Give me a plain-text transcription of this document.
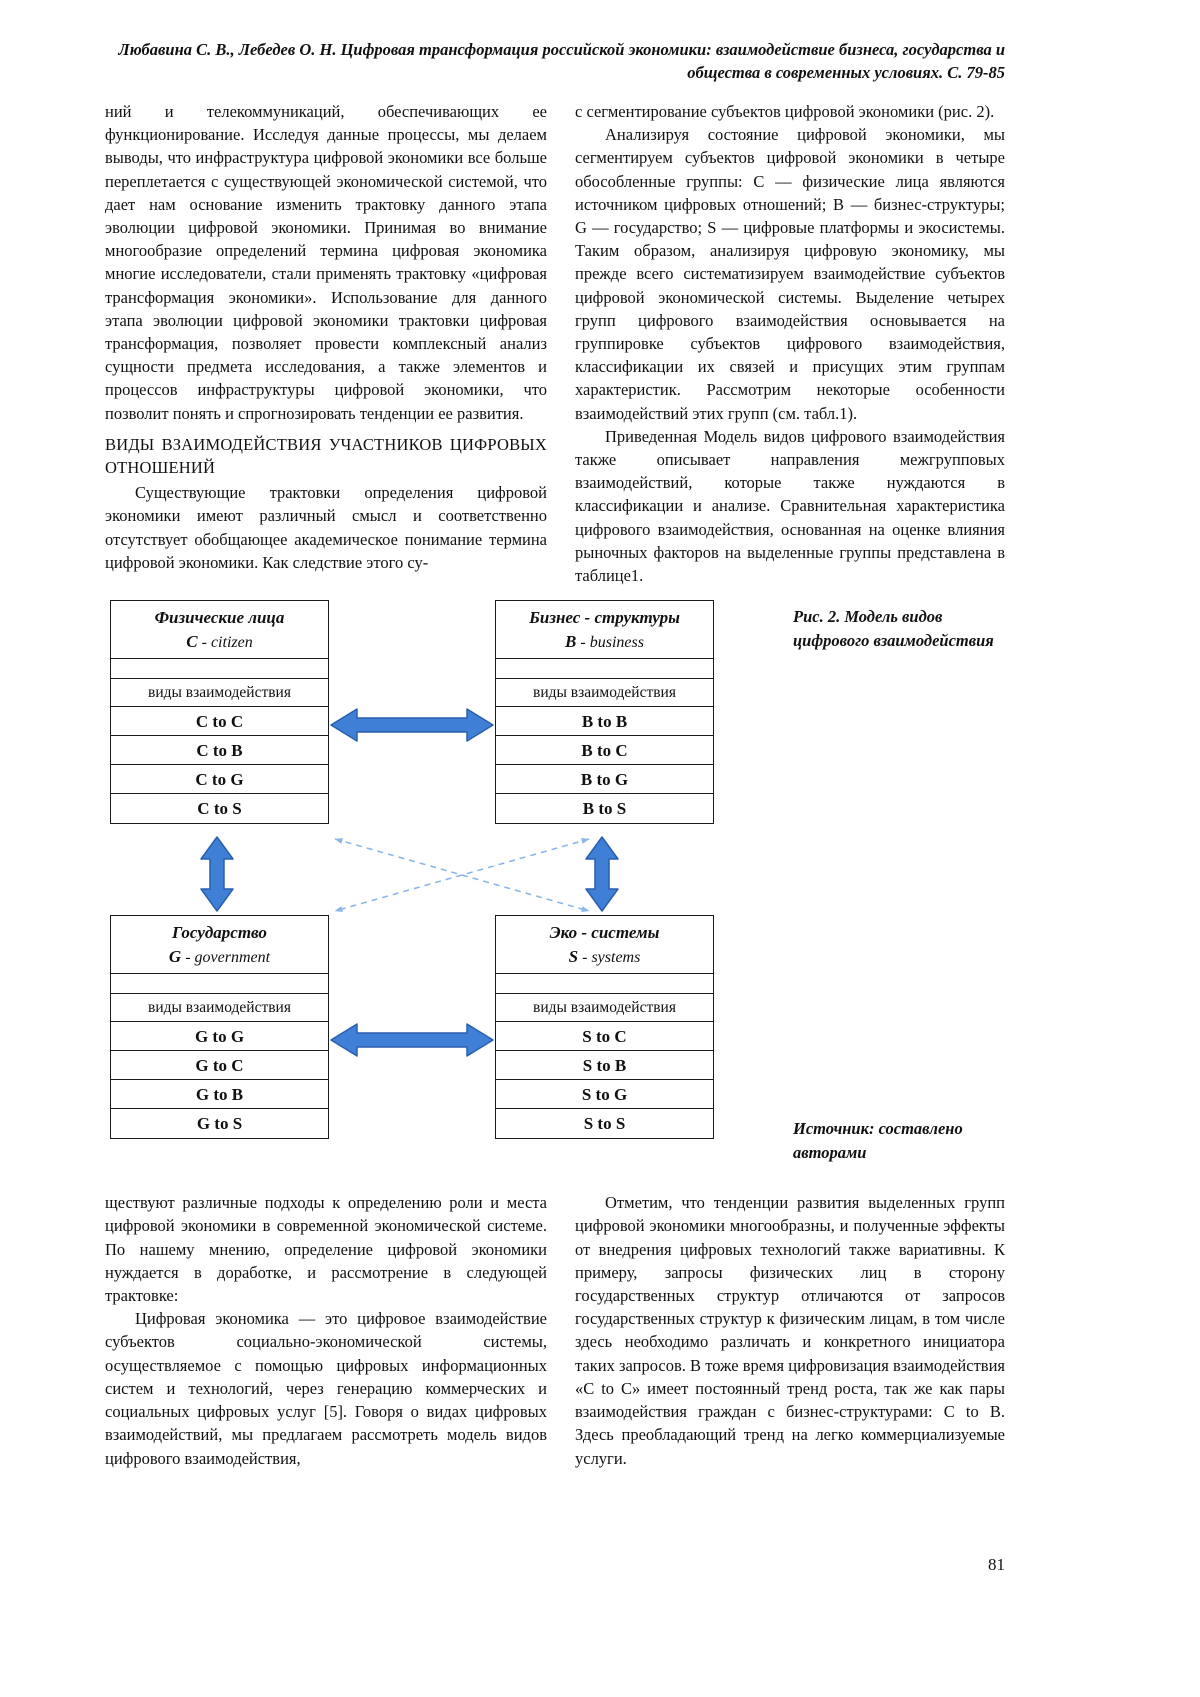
Любавина С. В., Лебедев О. Н. Цифровая трансформация российской экономики: взаимодействие бизнеса, государства и
общества в современных условиях. С. 79-85

ний и телекоммуникаций, обеспечивающих ее функционирование. Исследуя данные процессы, мы делаем выводы, что инфраструктура цифровой экономики все больше переплетается с существующей экономической системой, что дает нам основание изменить трактовку данного этапа эволюции цифровой экономики. Принимая во внимание многообразие определений термина цифровая экономика многие исследователи, стали применять трактовку «цифровая трансформация экономики». Использование для данного этапа эволюции цифровой экономики трактовки цифровая трансформация, позволяет провести комплексный анализ сущности предмета исследования, а также элементов и процессов инфраструктуры цифровой экономики, что позволит понять и спрогнозировать тенденции ее развития.

ВИДЫ ВЗАИМОДЕЙСТВИЯ УЧАСТНИКОВ ЦИФРОВЫХ ОТНОШЕНИЙ

Существующие трактовки определения цифровой экономики имеют различный смысл и соответственно отсутствует обобщающее академическое понимание термина цифровой экономики. Как следствие этого су-

с сегментирование субъектов цифровой экономики (рис. 2).

Анализируя состояние цифровой экономики, мы сегментируем субъектов цифровой экономики в четыре обособленные группы: C — физические лица являются источником цифровых отношений; B — бизнес-структуры; G — государство; S — цифровые платформы и экосистемы. Таким образом, анализируя цифровую экономику, мы прежде всего систематизируем взаимодействие субъектов цифровой экономической системы. Выделение четырех групп цифрового взаимодействия основывается на группировке субъектов цифрового взаимодействия, классификации их связей и присущих этим группам характеристик. Рассмотрим некоторые особенности взаимодействий этих групп (см. табл.1).

Приведенная Модель видов цифрового взаимодействия также описывает направления межгрупповых взаимодействий, которые также нуждаются в классификации и анализе. Сравнительная характеристика цифрового взаимодействия, основанная на оценке влияния рыночных факторов на выделенные группы представлена в таблице1.

Физические лица
C - citizen
виды взаимодействия
C to C
C to B
C to G
C to S
Бизнес - структуры
B - business
виды взаимодействия
B to B
B to C
B to G
B to S
Государство
G - government
виды взаимодействия
G to G
G to C
G to B
G to S
Эко - системы
S - systems
виды взаимодействия
S to C
S to B
S to G
S to S
Рис. 2. Модель видов цифрового взаимодействия
Источник: составлено авторами

ществуют различные подходы к определению роли и места цифровой экономики в современной экономической системе. По нашему мнению, определение цифровой экономики нуждается в доработке, и рассмотрение в следующей трактовке:

Цифровая экономика — это цифровое взаимодействие субъектов социально-экономической системы, осуществляемое с помощью цифровых информационных систем и технологий, через генерацию коммерческих и социальных цифровых услуг [5]. Говоря о видах цифровых взаимодействий, мы предлагаем рассмотреть модель видов цифрового взаимодействия,

Отметим, что тенденции развития выделенных групп цифровой экономики многообразны, и полученные эффекты от внедрения цифровых технологий также вариативны. К примеру, запросы физических лиц в сторону государственных структур отличаются от запросов государственных структур к физическим лицам, в том числе здесь необходимо различать и конкретного инициатора таких запросов. В тоже время цифровизация взаимодействия «C to C» имеет постоянный тренд роста, так же как пары взаимодействия граждан с бизнес-структурами: C to B. Здесь преобладающий тренд на легко коммерциализуемые услуги.

81
